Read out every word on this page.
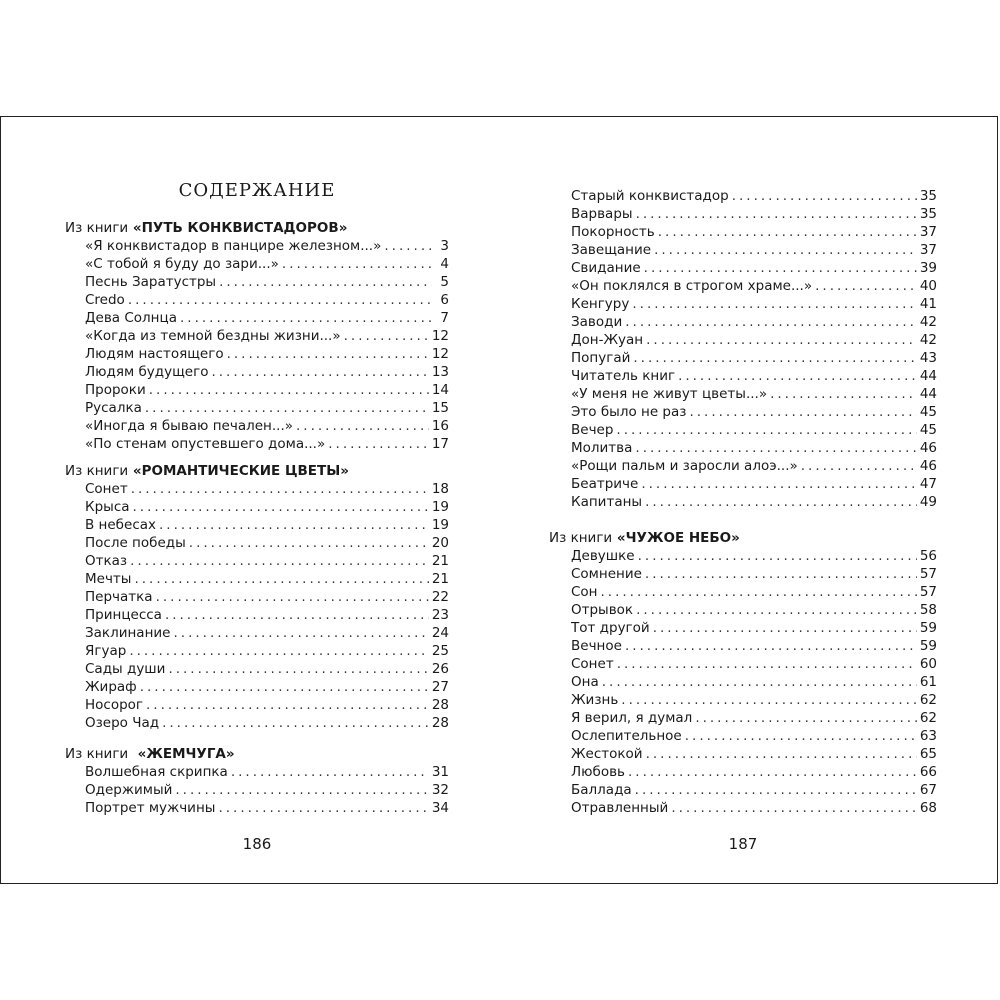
СОДЕРЖАНИЕ
Из книги «ПУТЬ КОНКВИСТАДОРОВ»
«Я конквистадор в панцире железном...» .....	3
«С тобой я буду до зари...» .....	4
Песнь Заратустры .....	5
Credo .....	6
Дева Солнца .....	7
«Когда из темной бездны жизни...» .....	12
Людям настоящего .....	12
Людям будущего .....	13
Пророки .....	14
Русалка .....	15
«Иногда я бываю печален...» .....	16
«По стенам опустевшего дома...» .....	17
Из книги «РОМАНТИЧЕСКИЕ ЦВЕТЫ»
Сонет .....	18
Крыса .....	19
В небесах .....	19
После победы .....	20
Отказ .....	21
Мечты .....	21
Перчатка .....	22
Принцесса .....	23
Заклинание .....	24
Ягуар .....	25
Сады души .....	26
Жираф .....	27
Носорог .....	28
Озеро Чад .....	28
Из книги «ЖЕМЧУГА»
Волшебная скрипка .....	31
Одержимый .....	32
Портрет мужчины .....	34
186
Старый конквистадор .....	35
Варвары .....	35
Покорность .....	37
Завещание .....	37
Свидание .....	39
«Он поклялся в строгом храме...» .....	40
Кенгуру .....	41
Заводи .....	42
Дон-Жуан .....	42
Попугай .....	43
Читатель книг .....	44
«У меня не живут цветы...» .....	44
Это было не раз .....	45
Вечер .....	45
Молитва .....	46
«Рощи пальм и заросли алоэ...» .....	46
Беатриче .....	47
Капитаны .....	49
Из книги «ЧУЖОЕ НЕБО»
Девушке .....	56
Сомнение .....	57
Сон .....	57
Отрывок .....	58
Тот другой .....	59
Вечное .....	59
Сонет .....	60
Она .....	61
Жизнь .....	62
Я верил, я думал .....	62
Ослепительное .....	63
Жестокой .....	65
Любовь .....	66
Баллада .....	67
Отравленный .....	68
187
